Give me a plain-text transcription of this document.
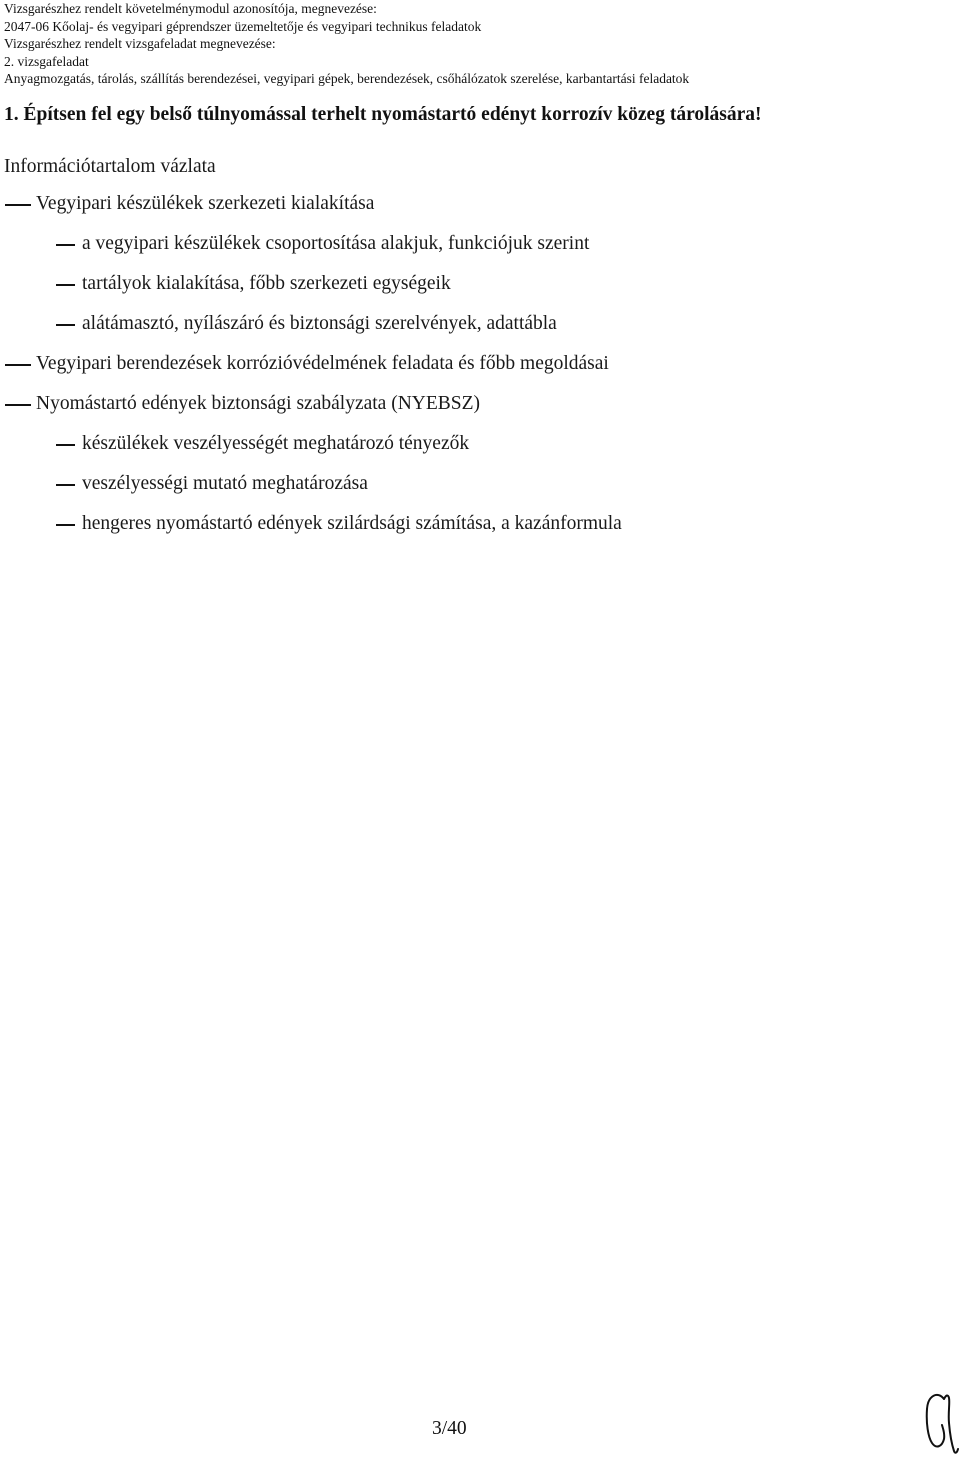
Vizsgarészhez rendelt követelménymodul azonosítója, megnevezése:
2047-06 Kőolaj- és vegyipari géprendszer üzemeltetője és vegyipari technikus feladatok
Vizsgarészhez rendelt vizsgafeladat megnevezése:
2. vizsgafeladat
Anyagmozgatás, tárolás, szállítás berendezései, vegyipari gépek, berendezések, csőhálózatok szerelése, karbantartási feladatok
1. Építsen fel egy belső túlnyomással terhelt nyomástartó edényt korrozív közeg tárolására!
Információtartalom vázlata
Vegyipari készülékek szerkezeti kialakítása
a vegyipari készülékek csoportosítása alakjuk, funkciójuk szerint
tartályok kialakítása, főbb szerkezeti egységeik
alátámasztó, nyílászáró és biztonsági szerelvények, adattábla
Vegyipari berendezések korrózióvédelmének feladata és főbb megoldásai
Nyomástartó edények biztonsági szabályzata (NYEBSZ)
készülékek veszélyességét meghatározó tényezők
veszélyességi mutató meghatározása
hengeres nyomástartó edények szilárdsági számítása, a kazánformula
3/40
